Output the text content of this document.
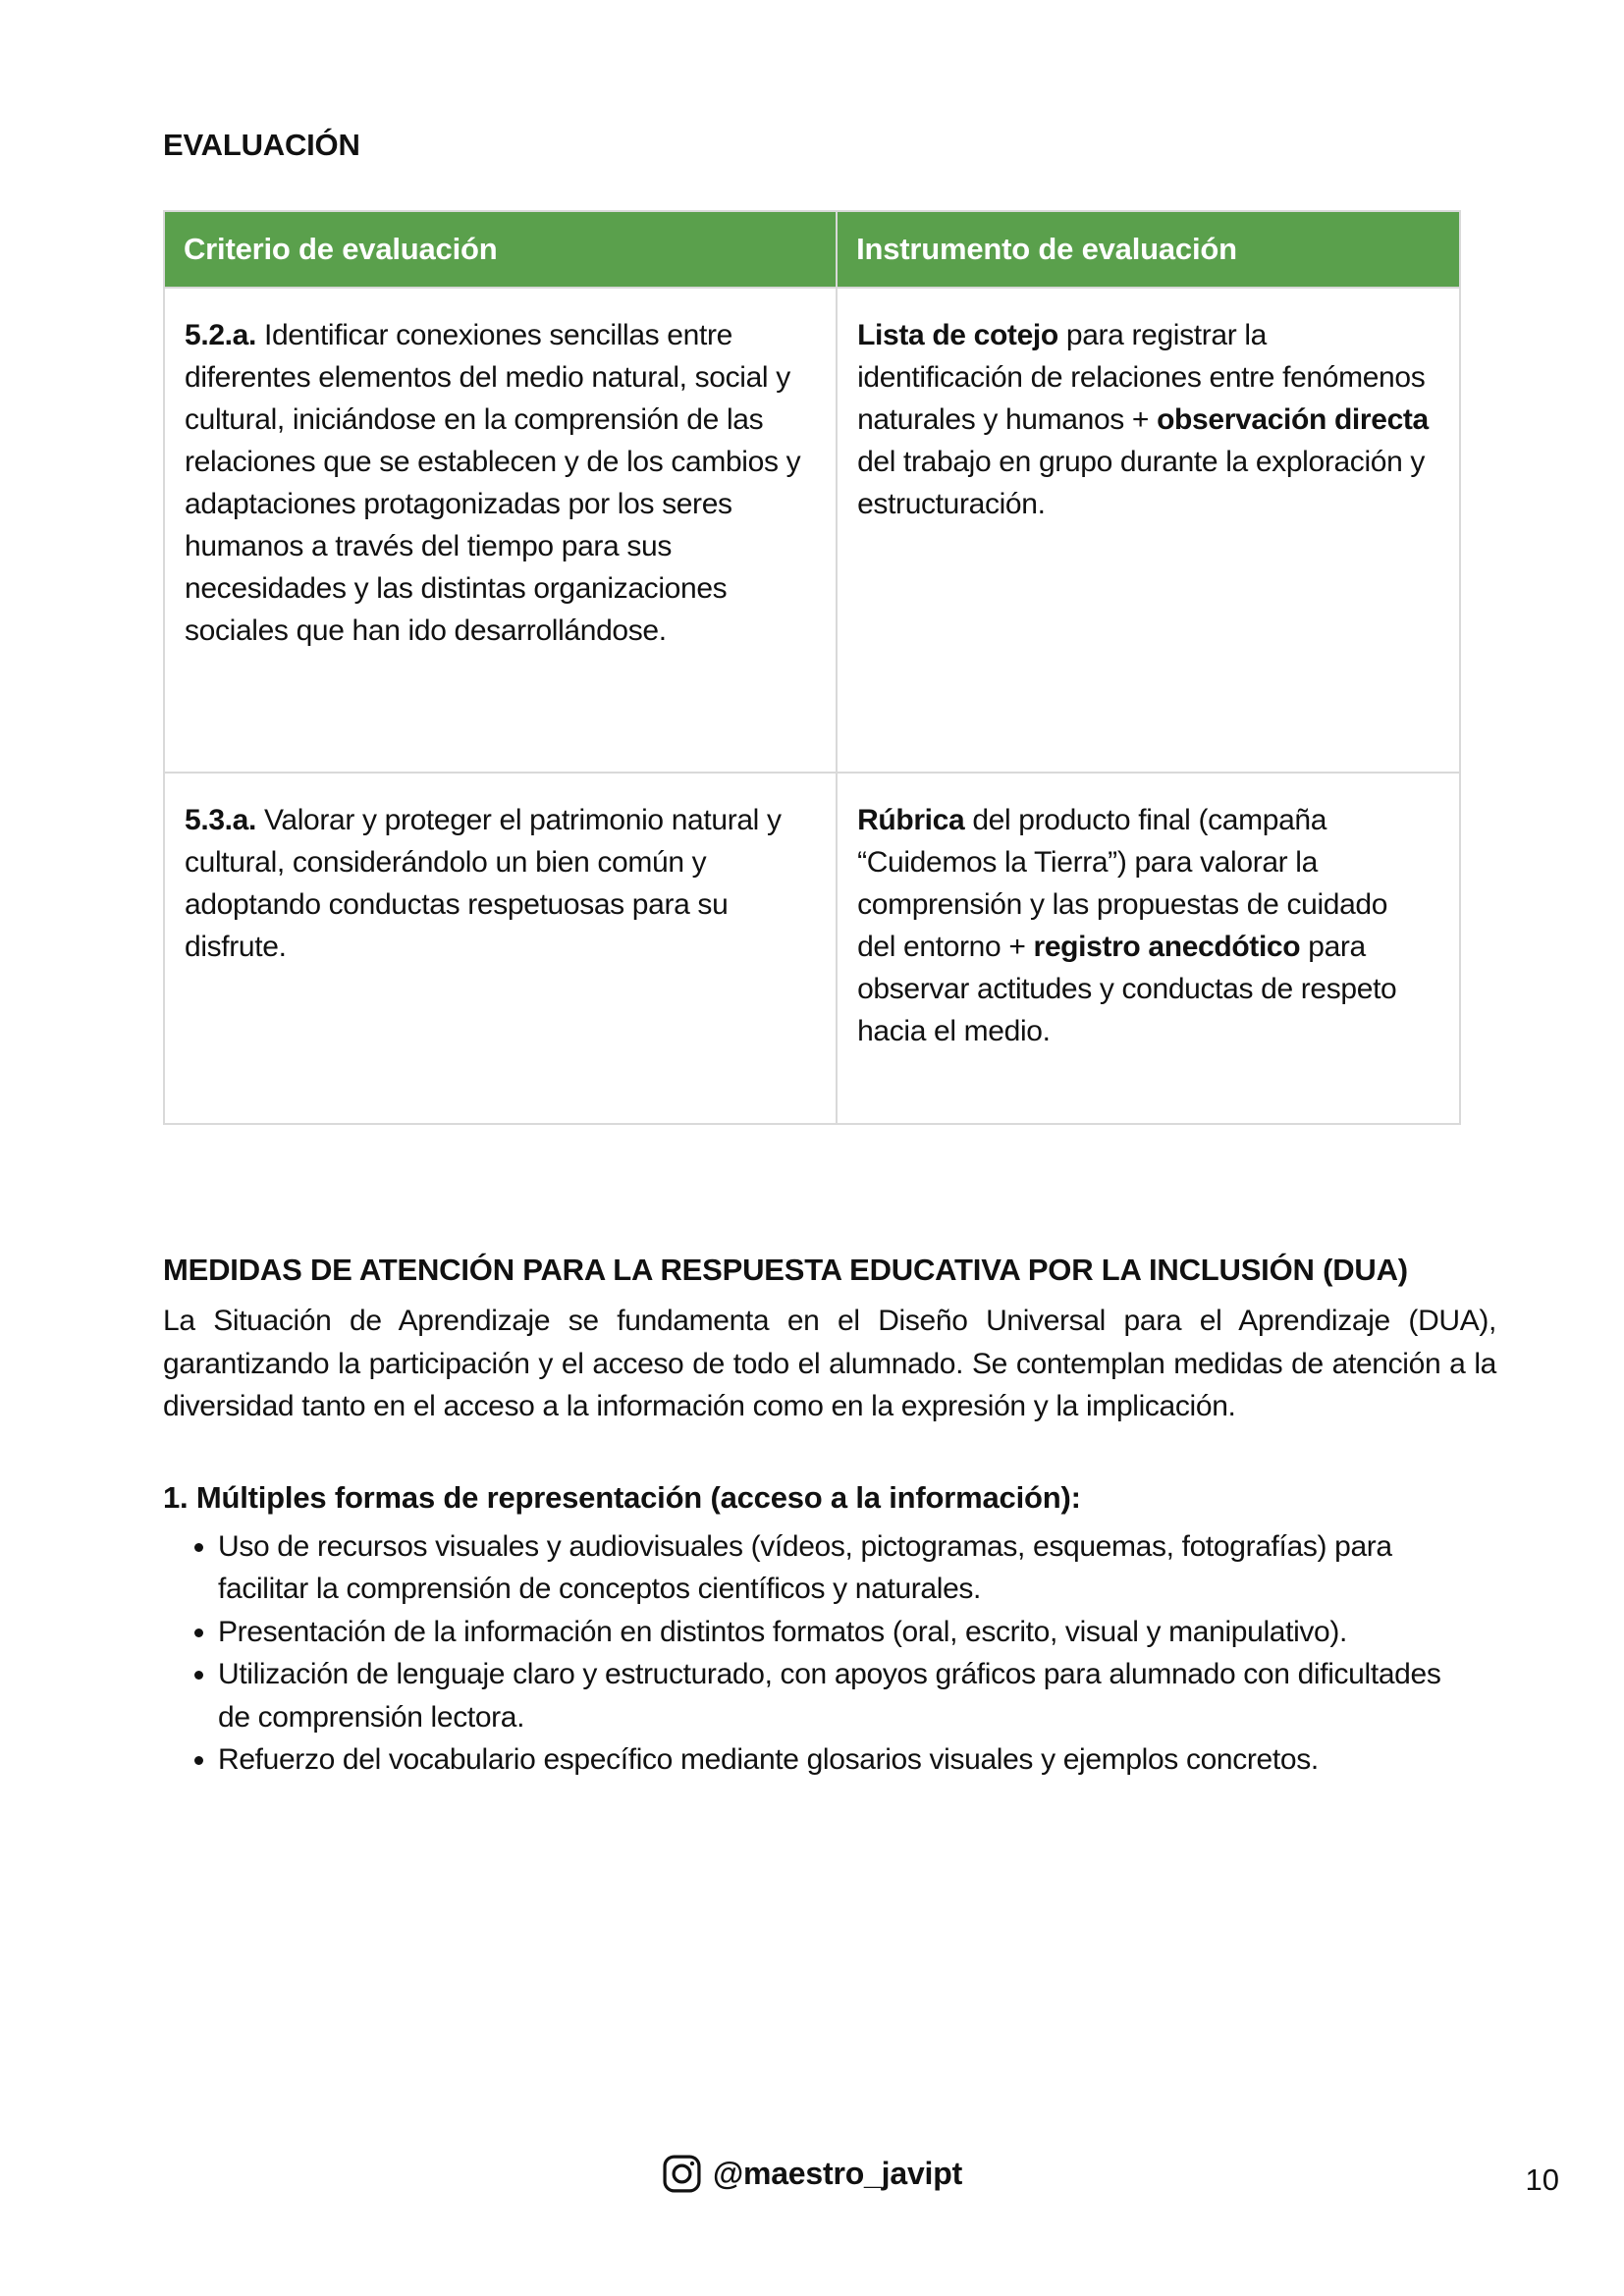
EVALUACIÓN
Criterio de evaluación	Instrumento de evaluación
5.2.a. Identificar conexiones sencillas entre diferentes elementos del medio natural, social y cultural, iniciándose en la comprensión de las relaciones que se establecen y de los cambios y adaptaciones protagonizadas por los seres humanos a través del tiempo para sus necesidades y las distintas organizaciones sociales que han ido desarrollándose.	Lista de cotejo para registrar la identificación de relaciones entre fenómenos naturales y humanos + observación directa del trabajo en grupo durante la exploración y estructuración.
5.3.a. Valorar y proteger el patrimonio natural y cultural, considerándolo un bien común y adoptando conductas respetuosas para su disfrute.	Rúbrica del producto final (campaña “Cuidemos la Tierra”) para valorar la comprensión y las propuestas de cuidado del entorno + registro anecdótico para observar actitudes y conductas de respeto hacia el medio.
MEDIDAS DE ATENCIÓN PARA LA RESPUESTA EDUCATIVA POR LA INCLUSIÓN (DUA)

La Situación de Aprendizaje se fundamenta en el Diseño Universal para el Aprendizaje (DUA), garantizando la participación y el acceso de todo el alumnado. Se contemplan medidas de atención a la diversidad tanto en el acceso a la información como en la expresión y la implicación.

1. Múltiples formas de representación (acceso a la información):
• Uso de recursos visuales y audiovisuales (vídeos, pictogramas, esquemas, fotografías) para facilitar la comprensión de conceptos científicos y naturales.
• Presentación de la información en distintos formatos (oral, escrito, visual y manipulativo).
• Utilización de lenguaje claro y estructurado, con apoyos gráficos para alumnado con dificultades de comprensión lectora.
• Refuerzo del vocabulario específico mediante glosarios visuales y ejemplos concretos.
@maestro_javipt	10
